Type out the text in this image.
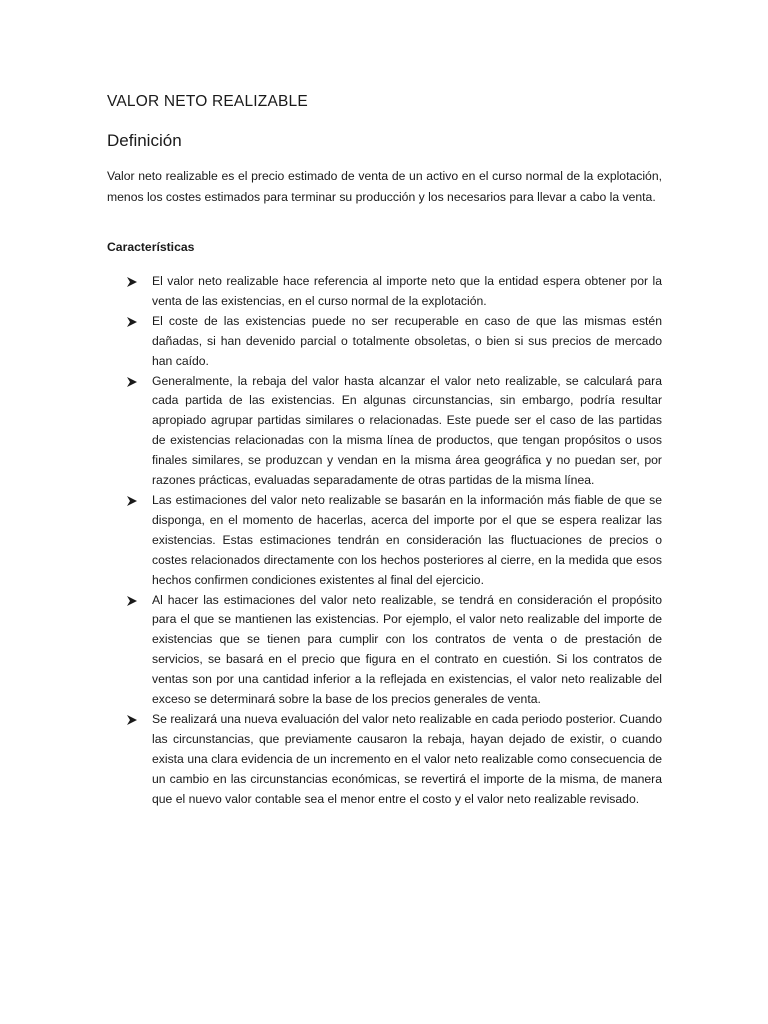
VALOR NETO REALIZABLE
Definición

Valor neto realizable es el precio estimado de venta de un activo en el curso normal de la explotación, menos los costes estimados para terminar su producción y los necesarios para llevar a cabo la venta.

Características
El valor neto realizable hace referencia al importe neto que la entidad espera obtener por la venta de las existencias, en el curso normal de la explotación.
El coste de las existencias puede no ser recuperable en caso de que las mismas estén dañadas, si han devenido parcial o totalmente obsoletas, o bien si sus precios de mercado han caído.
Generalmente, la rebaja del valor hasta alcanzar el valor neto realizable, se calculará para cada partida de las existencias. En algunas circunstancias, sin embargo, podría resultar apropiado agrupar partidas similares o relacionadas. Este puede ser el caso de las partidas de existencias relacionadas con la misma línea de productos, que tengan propósitos o usos finales similares, se produzcan y vendan en la misma área geográfica y no puedan ser, por razones prácticas, evaluadas separadamente de otras partidas de la misma línea.
Las estimaciones del valor neto realizable se basarán en la información más fiable de que se disponga, en el momento de hacerlas, acerca del importe por el que se espera realizar las existencias. Estas estimaciones tendrán en consideración las fluctuaciones de precios o costes relacionados directamente con los hechos posteriores al cierre, en la medida que esos hechos confirmen condiciones existentes al final del ejercicio.
Al hacer las estimaciones del valor neto realizable, se tendrá en consideración el propósito para el que se mantienen las existencias. Por ejemplo, el valor neto realizable del importe de existencias que se tienen para cumplir con los contratos de venta o de prestación de servicios, se basará en el precio que figura en el contrato en cuestión. Si los contratos de ventas son por una cantidad inferior a la reflejada en existencias, el valor neto realizable del exceso se determinará sobre la base de los precios generales de venta.
Se realizará una nueva evaluación del valor neto realizable en cada periodo posterior. Cuando las circunstancias, que previamente causaron la rebaja, hayan dejado de existir, o cuando exista una clara evidencia de un incremento en el valor neto realizable como consecuencia de un cambio en las circunstancias económicas, se revertirá el importe de la misma, de manera que el nuevo valor contable sea el menor entre el costo y el valor neto realizable revisado.
